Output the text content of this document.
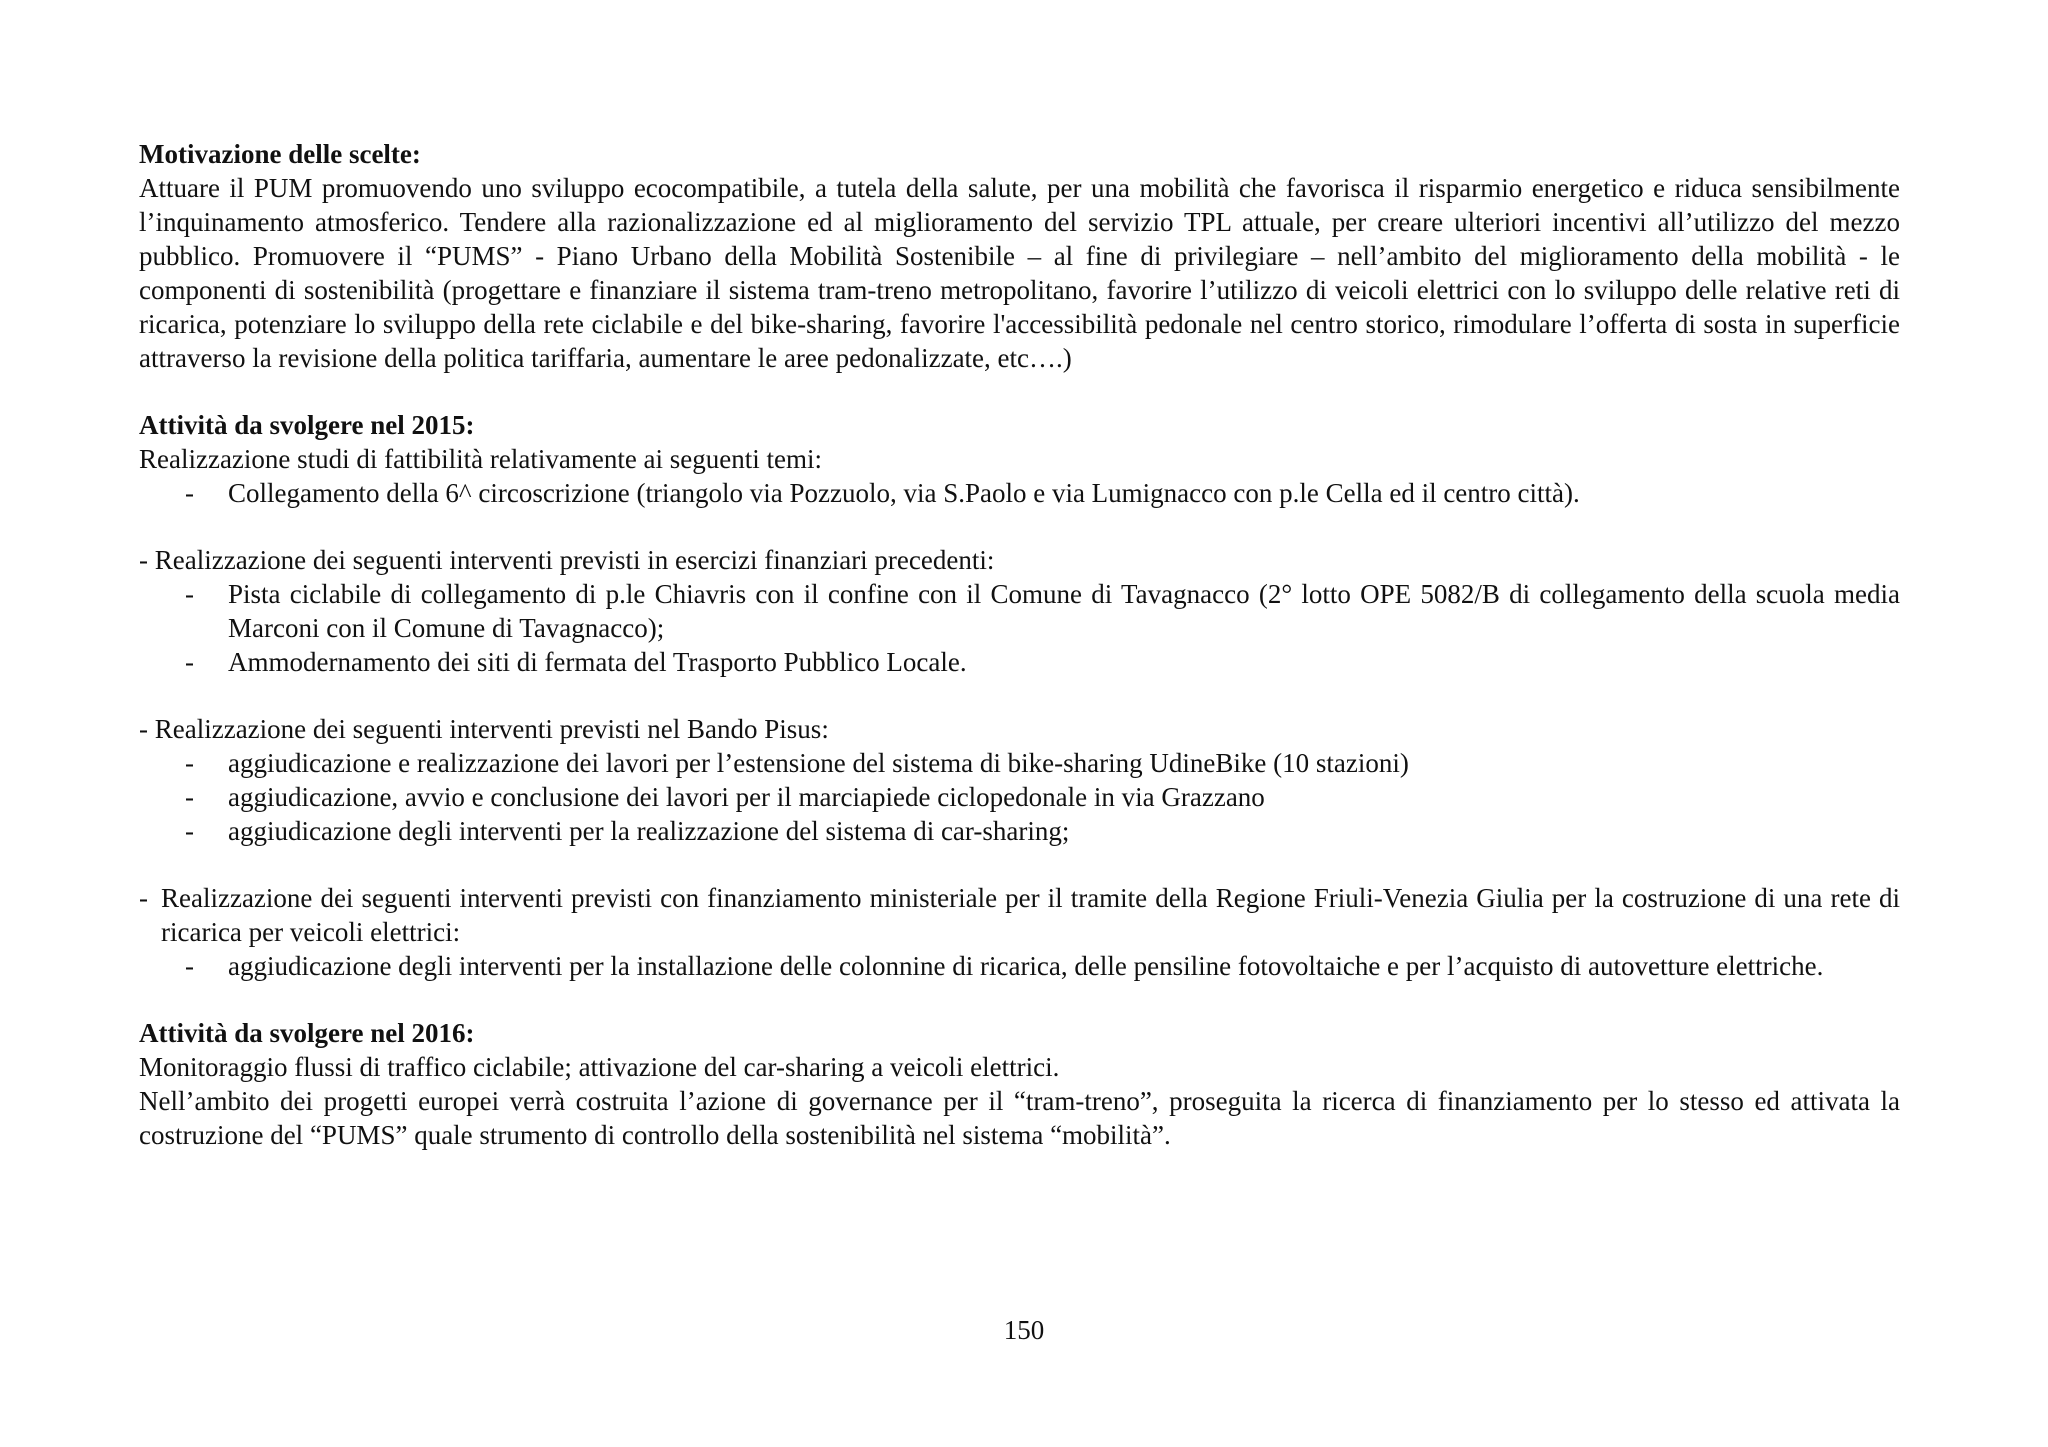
Motivazione delle scelte:

Attuare il PUM promuovendo uno sviluppo ecocompatibile, a tutela della salute, per una mobilità che favorisca il risparmio energetico e riduca sensibilmente l’inquinamento atmosferico. Tendere alla razionalizzazione ed al miglioramento del servizio TPL attuale, per creare ulteriori incentivi all’utilizzo del mezzo pubblico. Promuovere il “PUMS” - Piano Urbano della Mobilità Sostenibile – al fine di privilegiare – nell’ambito del miglioramento della mobilità - le componenti di sostenibilità (progettare e finanziare il sistema tram-treno metropolitano, favorire l’utilizzo di veicoli elettrici con lo sviluppo delle relative reti di ricarica, potenziare lo sviluppo della rete ciclabile e del bike-sharing, favorire l'accessibilità pedonale nel centro storico, rimodulare l’offerta di sosta in superficie attraverso la revisione della politica tariffaria, aumentare le aree pedonalizzate, etc….)

Attività da svolgere nel 2015:

Realizzazione studi di fattibilità relativamente ai seguenti temi:

- Collegamento della 6^ circoscrizione (triangolo via Pozzuolo, via S.Paolo e via Lumignacco con p.le Cella ed il centro città).

- Realizzazione dei seguenti interventi previsti in esercizi finanziari precedenti:

- Pista ciclabile di collegamento di p.le Chiavris con il confine con il Comune di Tavagnacco (2° lotto OPE 5082/B di collegamento della scuola media Marconi con il Comune di Tavagnacco);
- Ammodernamento dei siti di fermata del Trasporto Pubblico Locale.

- Realizzazione dei seguenti interventi previsti nel Bando Pisus:

- aggiudicazione e realizzazione dei lavori per l’estensione del sistema di bike-sharing UdineBike (10 stazioni)
- aggiudicazione, avvio e conclusione dei lavori per il marciapiede ciclopedonale in via Grazzano
- aggiudicazione degli interventi per la realizzazione del sistema di car-sharing;
- Realizzazione dei seguenti interventi previsti con finanziamento ministeriale per il tramite della Regione Friuli-Venezia Giulia per la costruzione di una rete di ricarica per veicoli elettrici:
- aggiudicazione degli interventi per la installazione delle colonnine di ricarica, delle pensiline fotovoltaiche e per l’acquisto di autovetture elettriche.
Attività da svolgere nel 2016:

Monitoraggio flussi di traffico ciclabile; attivazione del car-sharing a veicoli elettrici.

Nell’ambito dei progetti europei verrà costruita l’azione di governance per il “tram-treno”, proseguita la ricerca di finanziamento per lo stesso ed attivata la costruzione del “PUMS” quale strumento di controllo della sostenibilità nel sistema “mobilità”.

150
